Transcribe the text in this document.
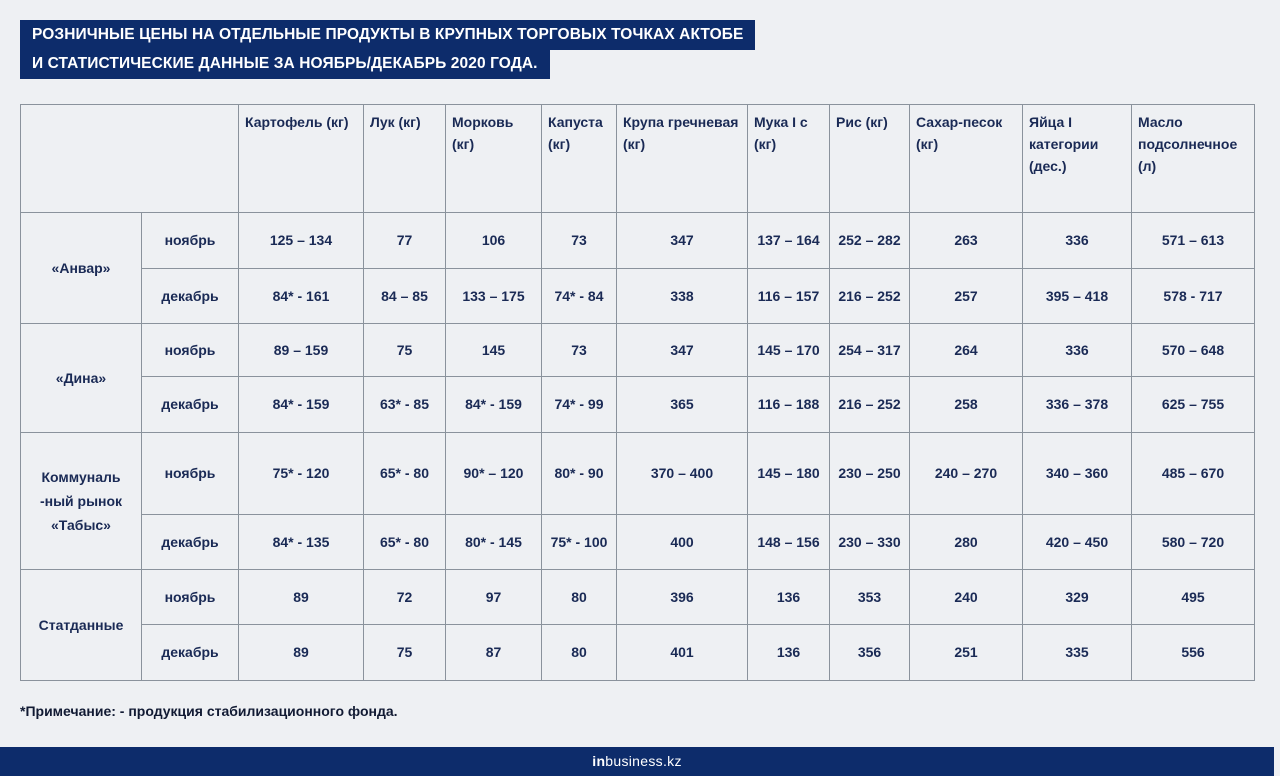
РОЗНИЧНЫЕ ЦЕНЫ НА ОТДЕЛЬНЫЕ ПРОДУКТЫ В КРУПНЫХ ТОРГОВЫХ ТОЧКАХ АКТОБЕ
И СТАТИСТИЧЕСКИЕ ДАННЫЕ ЗА НОЯБРЬ/ДЕКАБРЬ 2020 ГОДА.
		Картофель (кг)	Лук (кг)	Морковь (кг)	Капуста (кг)	Крупа гречневая (кг)	Мука I с (кг)	Рис (кг)	Сахар-песок (кг)	Яйца I категории (дес.)	Масло подсолнечное (л)
«Анвар»	ноябрь	125 – 134	77	106	73	347	137 – 164	252 – 282	263	336	571 – 613
	декабрь	84* - 161	84 – 85	133 – 175	74* - 84	338	116 – 157	216 – 252	257	395 – 418	578 - 717
«Дина»	ноябрь	89 – 159	75	145	73	347	145 – 170	254 – 317	264	336	570 – 648
	декабрь	84* - 159	63* - 85	84* - 159	74* - 99	365	116 – 188	216 – 252	258	336 – 378	625 – 755
Коммуналь -ный рынок «Табыс»	ноябрь	75* - 120	65* - 80	90* – 120	80* - 90	370 – 400	145 – 180	230 – 250	240 – 270	340 – 360	485 – 670
	декабрь	84* - 135	65* - 80	80* - 145	75* - 100	400	148 – 156	230 – 330	280	420 – 450	580 – 720
Статданные	ноябрь	89	72	97	80	396	136	353	240	329	495
	декабрь	89	75	87	80	401	136	356	251	335	556
*Примечание: - продукция стабилизационного фонда.
inbusiness.kz
